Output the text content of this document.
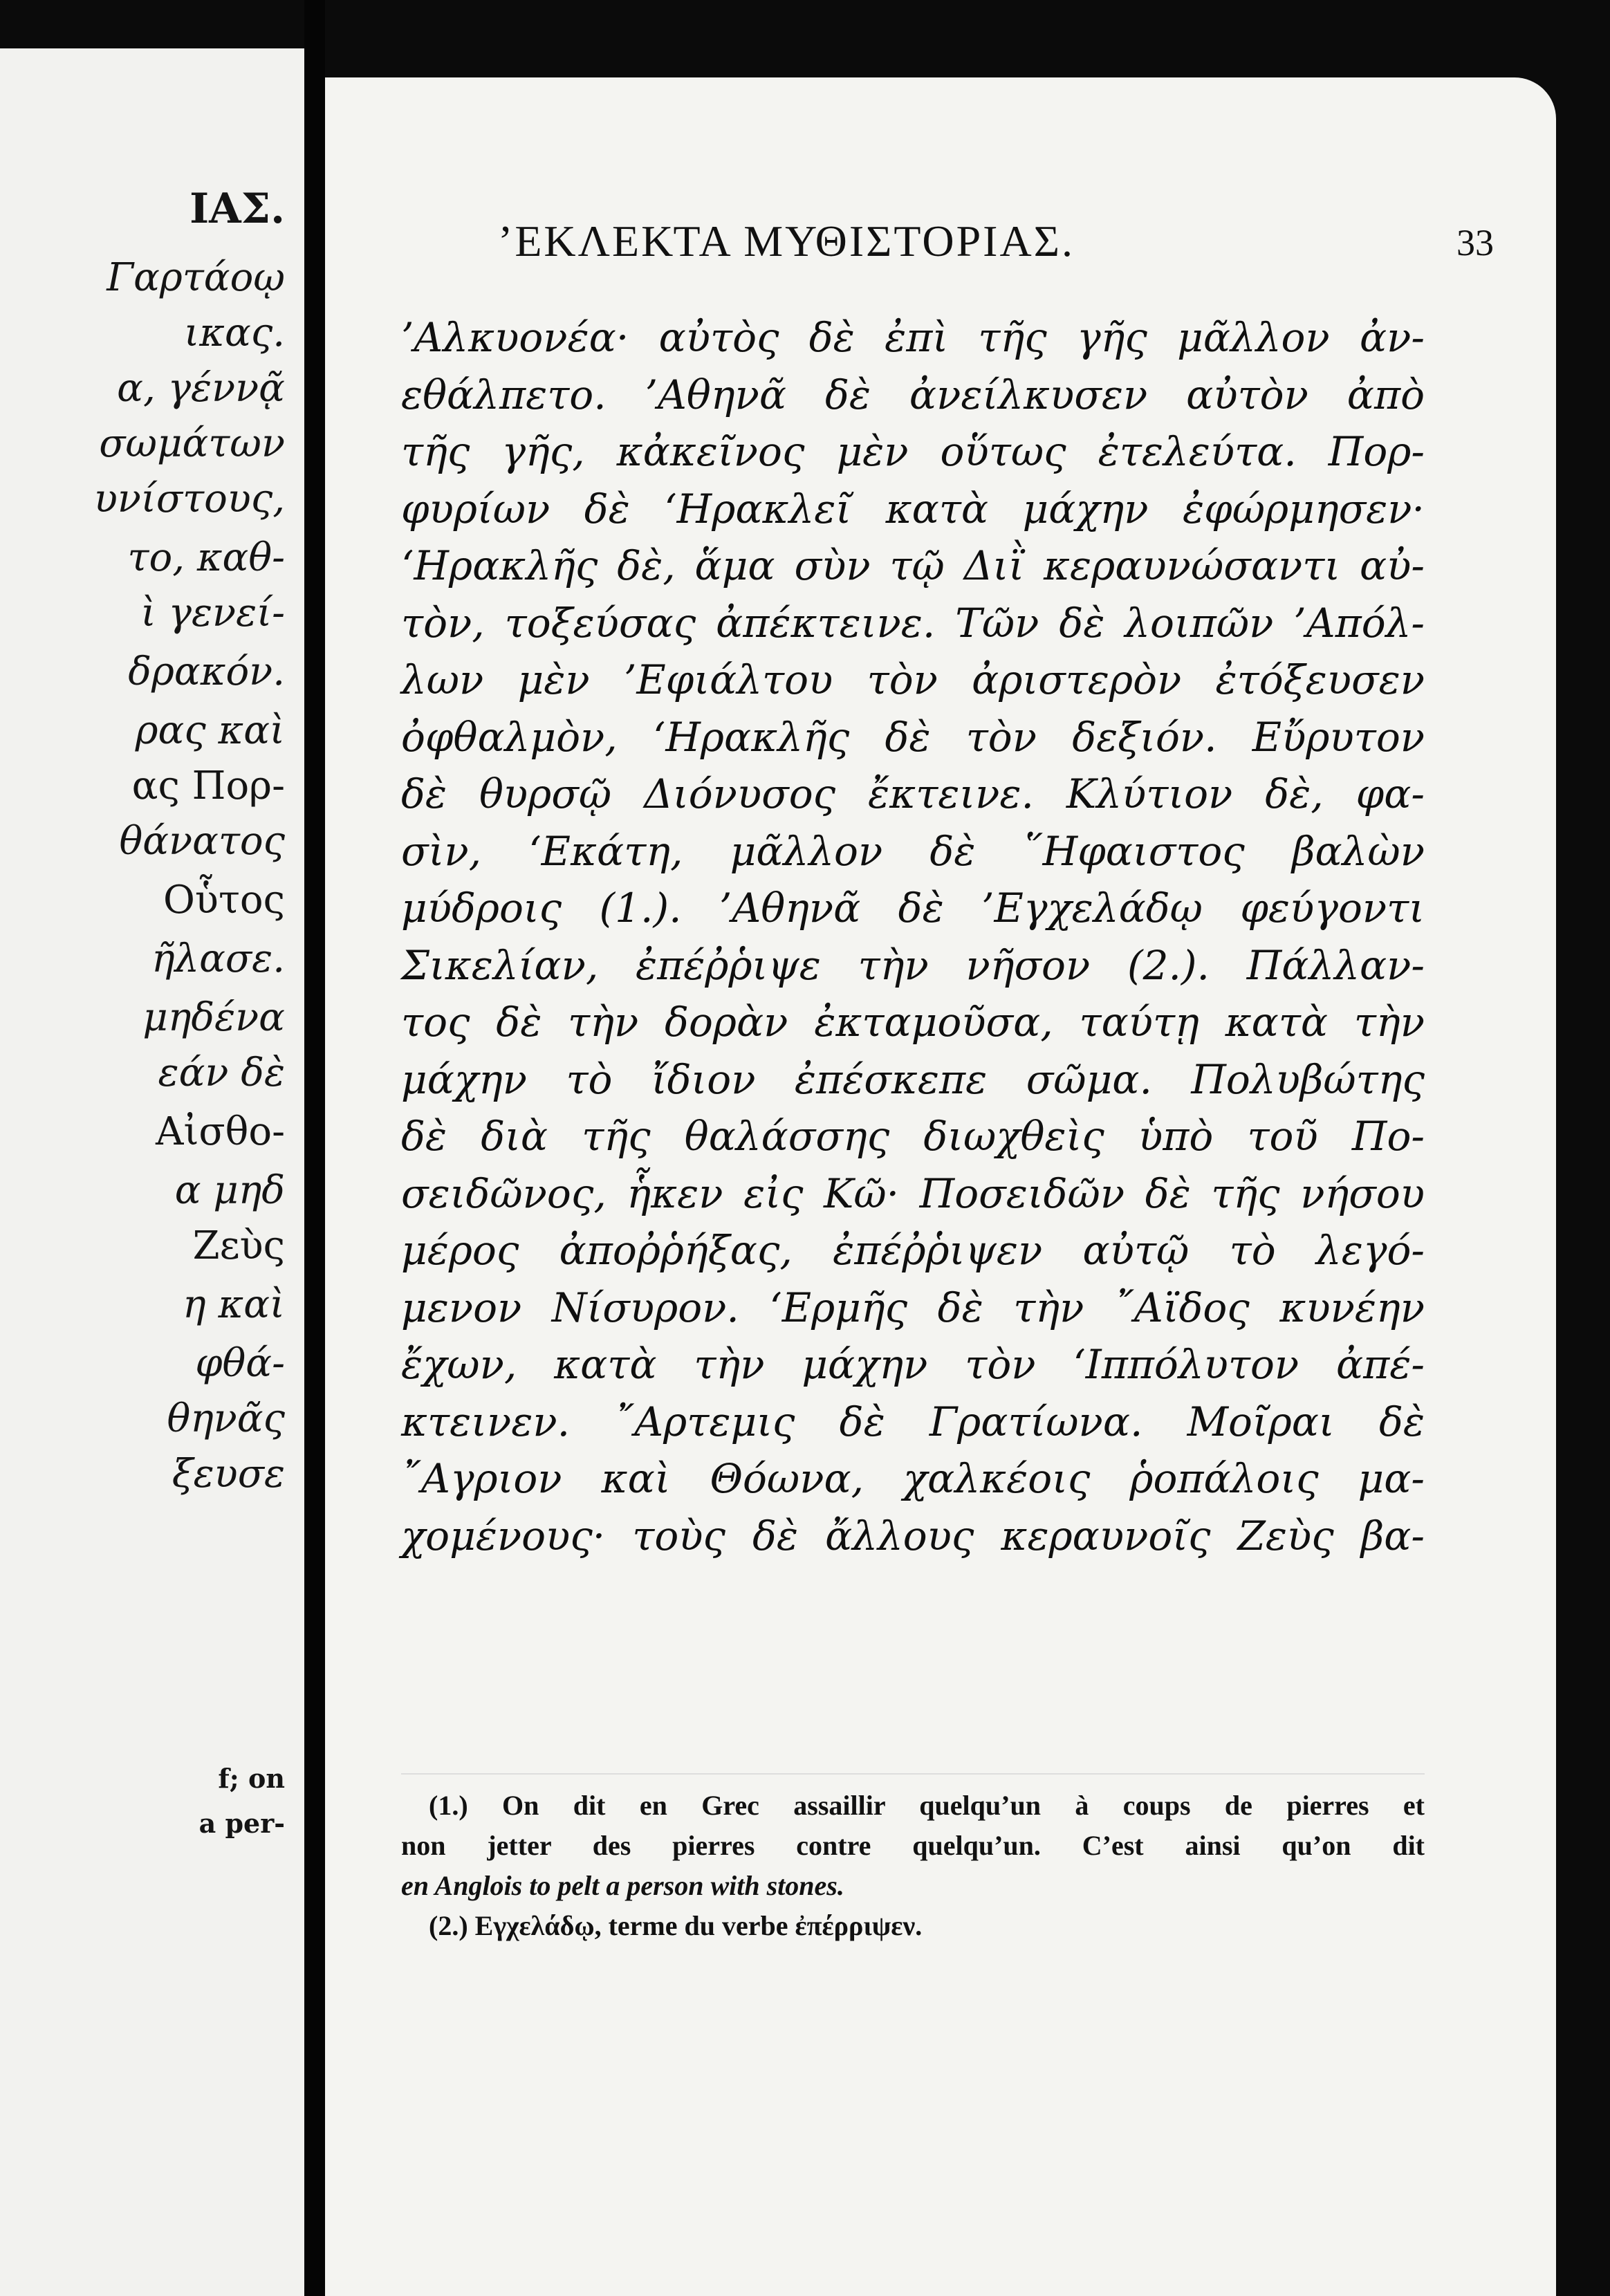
ΙΑΣ.
Γαρτάοῳ
ικας.
α, γέννᾷ
σωμάτων
υνίστους,
το, καθ-
ὶ γενεί-
δρακόν.
ρας καὶ
ας Πορ-
θάνατος
Οὗτος
ῆλασε.
μηδένα
εάν δὲ
Αἰσθο-
α μηδ
Ζεὺς
η καὶ
φθά-
θηνᾶς
ξευσε
f; on
a per-
’ΕΚΛΕΚΤΑ ΜΥΘΙΣΤΟΡΙΑΣ.	33
’Αλκυονέα· αὐτὸς δὲ ἐπὶ τῆς γῆς μᾶλλον ἀν-
εθάλπετο. ’Αθηνᾶ δὲ ἀνείλκυσεν αὐτὸν ἀπὸ
τῆς γῆς, κἀκεῖνος μὲν οὕτως ἐτελεύτα. Πορ-
φυρίων δὲ ‘Ηρακλεῖ κατὰ μάχην ἐφώρμησεν·
‘Ηρακλῆς δὲ, ἅμα σὺν τῷ Διῒ κεραυνώσαντι αὐ-
τὸν, τοξεύσας ἀπέκτεινε. Τῶν δὲ λοιπῶν ’Απόλ-
λων μὲν ’Εφιάλτου τὸν ἀριστερὸν ἐτόξευσεν
ὀφθαλμὸν, ‘Ηρακλῆς δὲ τὸν δεξιόν. Εὔρυτον
δὲ θυρσῷ Διόνυσος ἔκτεινε. Κλύτιον δὲ, φα-
σὶν, ‘Εκάτη, μᾶλλον δὲ ῞Ηφαιστος βαλὼν
μύδροις (1.). ’Αθηνᾶ δὲ ’Εγχελάδῳ φεύγοντι
Σικελίαν, ἐπέῤῥιψε τὴν νῆσον (2.). Πάλλαν-
τος δὲ τὴν δορὰν ἐκταμοῦσα, ταύτῃ κατὰ τὴν
μάχην τὸ ἴδιον ἐπέσκεπε σῶμα. Πολυβώτης
δὲ διὰ τῆς θαλάσσης διωχθεὶς ὑπὸ τοῦ Πο-
σειδῶνος, ἧκεν εἰς Κῶ· Ποσειδῶν δὲ τῆς νήσου
μέρος ἀποῤῥήξας, ἐπέῤῥιψεν αὐτῷ τὸ λεγό-
μενον Νίσυρον. ‘Ερμῆς δὲ τὴν ῎Αϊδος κυνέην
ἔχων, κατὰ τὴν μάχην τὸν ‘Ιππόλυτον ἀπέ-
κτεινεν. ῎Αρτεμις δὲ Γρατίωνα. Μοῖραι δὲ
῎Αγριον καὶ Θόωνα, χαλκέοις ῥοπάλοις μα-
χομένους· τοὺς δὲ ἄλλους κεραυνοῖς Ζεὺς βα-
(1.) On dit en Grec assaillir quelqu’un à coups de pierres et
non jetter des pierres contre quelqu’un. C’est ainsi qu’on dit
en Anglois to pelt a person with stones.
(2.) Εγχελάδῳ, terme du verbe ἐπέρριψεν.
